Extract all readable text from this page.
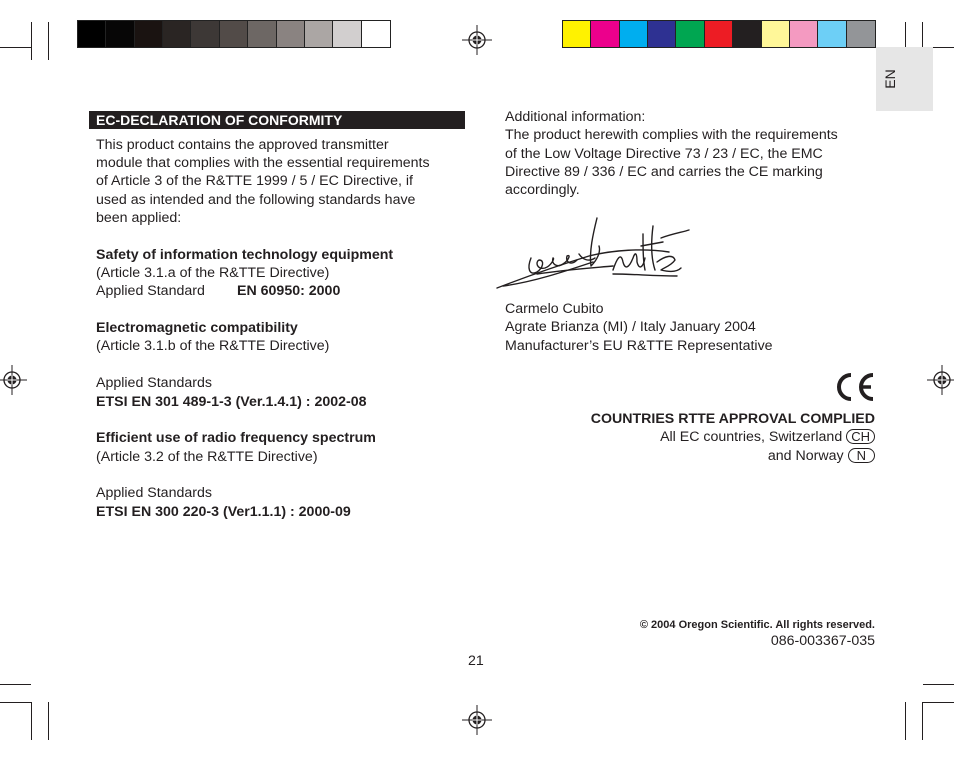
EN
EC-DECLARATION OF CONFORMITY
This product contains the approved transmitter
module that complies with the essential requirements
of Article 3 of the R&TTE 1999 / 5 / EC Directive, if
used as intended and the following standards have
been applied:
Safety of information technology equipment
(Article 3.1.a of the R&TTE Directive)
Applied Standard EN 60950: 2000
Electromagnetic compatibility
(Article 3.1.b of the R&TTE Directive)
Applied Standards
ETSI EN 301 489-1-3 (Ver.1.4.1) : 2002-08
Efficient use of radio frequency spectrum
(Article 3.2 of the R&TTE Directive)
Applied Standards
ETSI EN 300 220-3 (Ver1.1.1) : 2000-09
Additional information:
The product herewith complies with the requirements
of the Low Voltage Directive 73 / 23 / EC, the EMC
Directive 89 / 336 / EC and carries the CE marking
accordingly.
Carmelo Cubito
Agrate Brianza (MI) / Italy January 2004
Manufacturer’s EU R&TTE Representative
COUNTRIES RTTE APPROVAL COMPLIED
All EC countries, Switzerland CH
and Norway N
© 2004 Oregon Scientific. All rights reserved.
086-003367-035
21
